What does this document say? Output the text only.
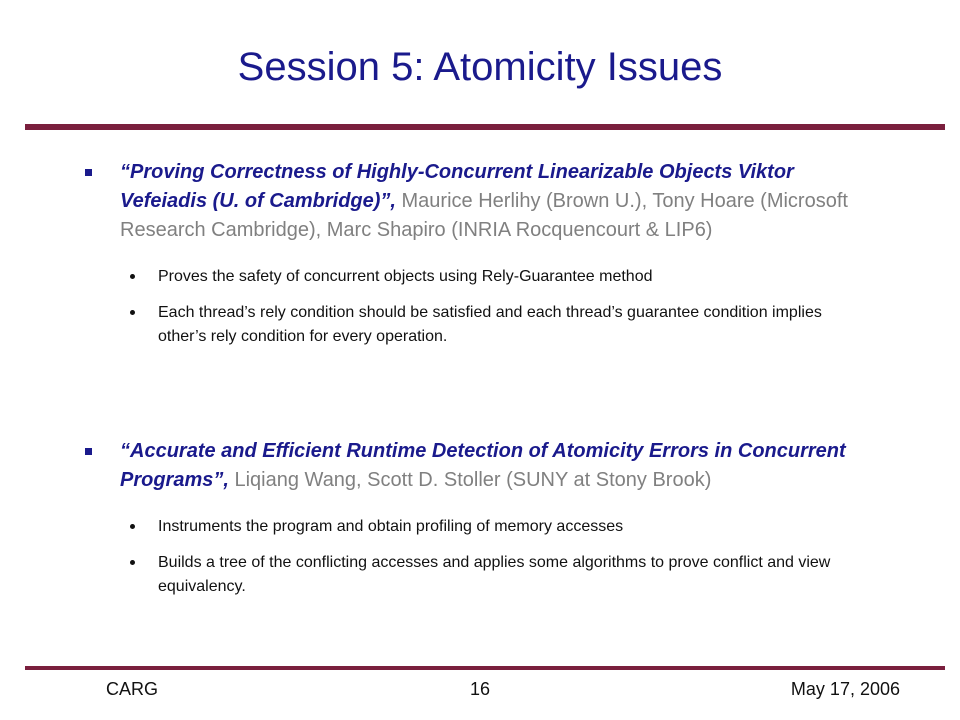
Session 5: Atomicity Issues
“Proving Correctness of Highly-Concurrent Linearizable Objects Viktor Vefeiadis (U. of Cambridge)”, Maurice Herlihy (Brown U.), Tony Hoare (Microsoft Research Cambridge), Marc Shapiro (INRIA Rocquencourt & LIP6)
Proves the safety of concurrent objects using Rely-Guarantee method
Each thread’s rely condition should be satisfied and each thread’s guarantee condition implies other’s rely condition for every operation.
“Accurate and Efficient Runtime Detection of Atomicity Errors in Concurrent Programs”, Liqiang Wang, Scott D. Stoller (SUNY at Stony Brook)
Instruments the program and obtain profiling of memory accesses
Builds a tree of the conflicting accesses and applies some algorithms to prove conflict and view equivalency.
CARG	16	May 17, 2006
